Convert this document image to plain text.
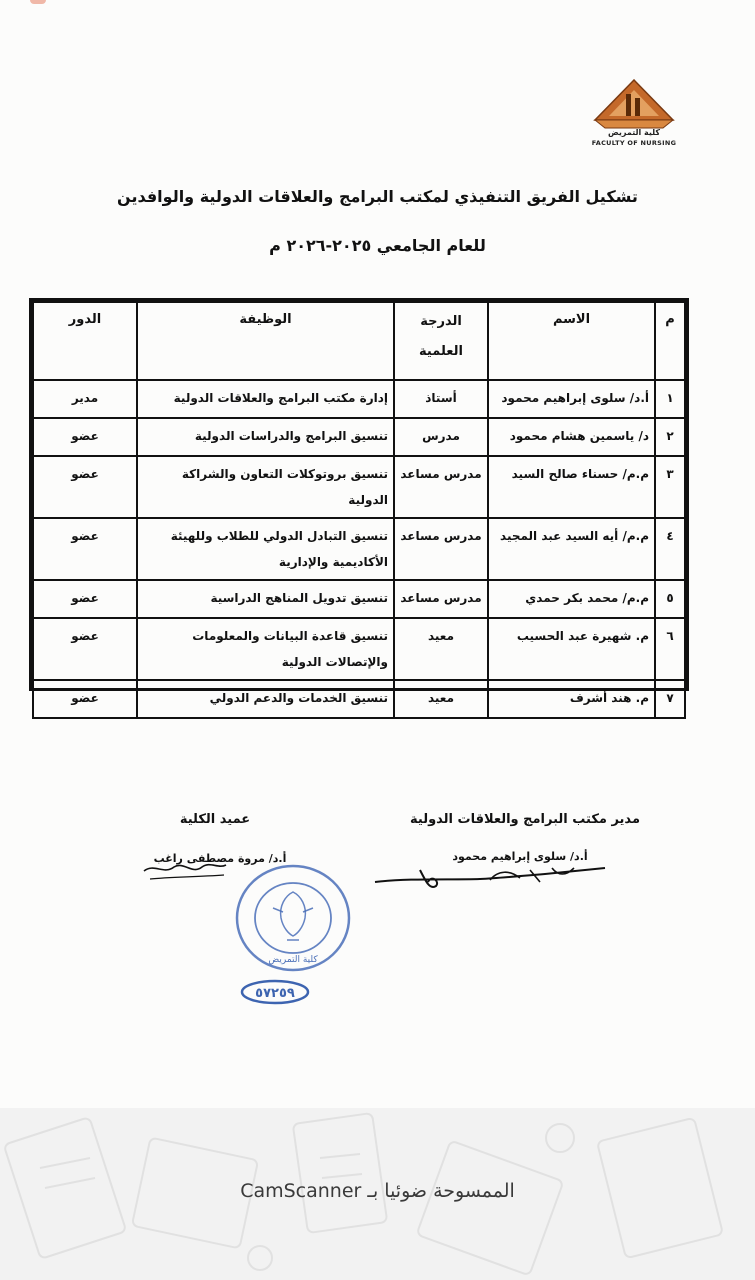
كلية التمريض
FACULTY OF NURSING
تشكيل الفريق التنفيذي لمكتب البرامج والعلاقات الدولية والوافدين
للعام الجامعي ٢٠٢٥-٢٠٢٦ م
م	الاسم	الدرجة العلمية	الوظيفة	الدور
١	أ.د/ سلوى إبراهيم محمود	أستاذ	إدارة مكتب البرامج والعلاقات الدولية	مدير
٢	د/ ياسمين هشام محمود	مدرس	تنسيق البرامج والدراسات الدولية	عضو
٣	م.م/ حسناء صالح السيد	مدرس مساعد	تنسيق بروتوكلات التعاون والشراكة الدولية	عضو
٤	م.م/ أيه السيد عبد المجيد	مدرس مساعد	تنسيق التبادل الدولي للطلاب وللهيئة الأكاديمية والإدارية	عضو
٥	م.م/ محمد بكر حمدي	مدرس مساعد	تنسيق تدويل المناهج الدراسية	عضو
٦	م. شهيرة عبد الحسيب	معيد	تنسيق قاعدة البيانات والمعلومات والإتصالات الدولية	عضو
٧	م. هند أشرف	معيد	تنسيق الخدمات والدعم الدولي	عضو
مدير مكتب البرامج والعلاقات الدولية
أ.د/ سلوى إبراهيم محمود
عميد الكلية
أ.د/ مروة مصطفى راغب
كلية التمريض
٥٧٢٥٩
الممسوحة ضوئيا بـ CamScanner
